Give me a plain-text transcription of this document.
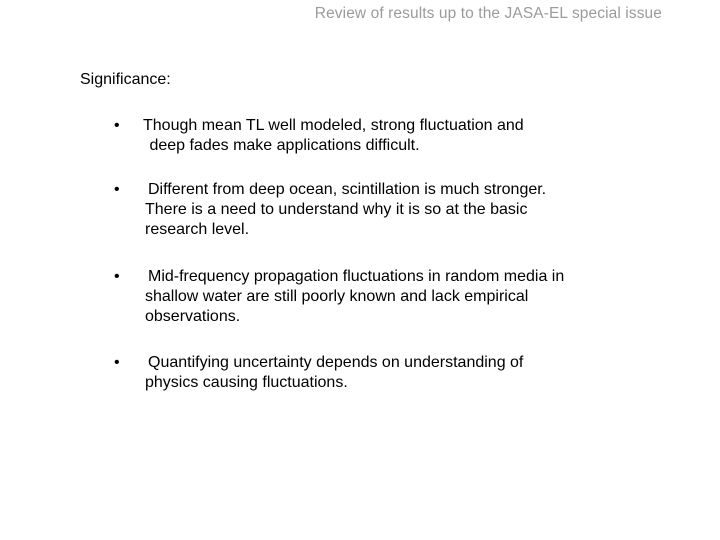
Review of results up to the JASA-EL special issue
Significance:
• Though mean TL well modeled, strong fluctuation and
deep fades make applications difficult.
• Different from deep ocean, scintillation is much stronger.
There is a need to understand why it is so at the basic
research level.
• Mid-frequency propagation fluctuations in random media in
shallow water are still poorly known and lack empirical
observations.
• Quantifying uncertainty depends on understanding of
physics causing fluctuations.
